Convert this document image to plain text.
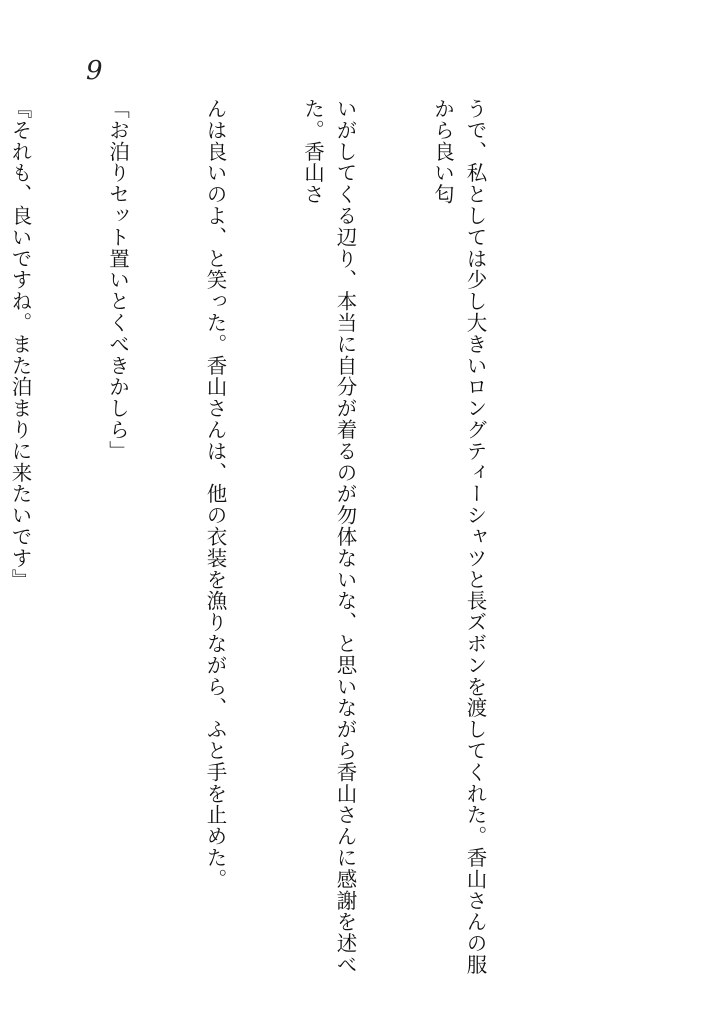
9

うで、私としては少し大きいロングティーシャツと長ズボンを渡してくれた。香山さんの服から良い匂

いがしてくる辺り、本当に自分が着るのが勿体ないな、と思いながら香山さんに感謝を述べた。香山さ

んは良いのよ、と笑った。香山さんは、他の衣装を漁りながら、ふと手を止めた。

「お泊りセット置いとくべきかしら」

『それも、良いですね。また泊まりに来たいです』
